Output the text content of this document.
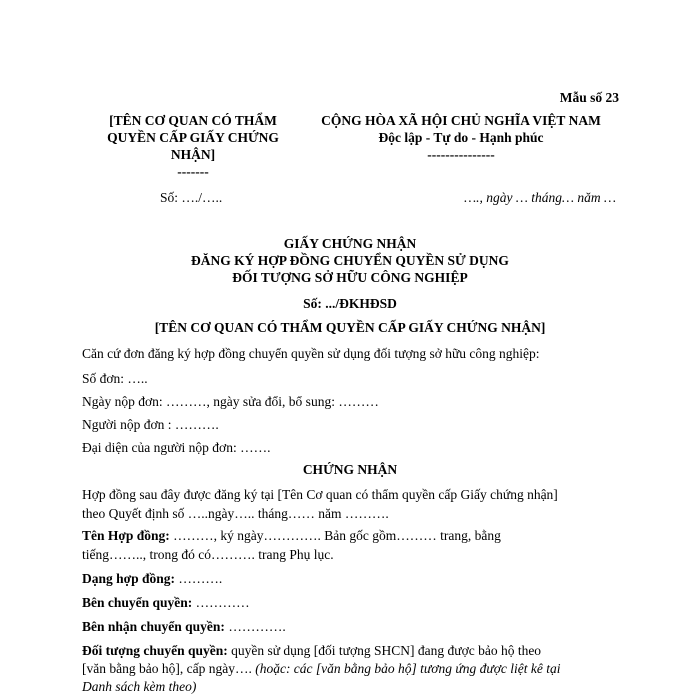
Mẫu số 23
[TÊN CƠ QUAN CÓ THẨM
QUYỀN CẤP GIẤY CHỨNG
NHẬN]
-------
CỘNG HÒA XÃ HỘI CHỦ NGHĨA VIỆT NAM
Độc lập - Tự do - Hạnh phúc
---------------
Số: …./…..	…., ngày … tháng… năm …
GIẤY CHỨNG NHẬN
ĐĂNG KÝ HỢP ĐỒNG CHUYỂN QUYỀN SỬ DỤNG
ĐỐI TƯỢNG SỞ HỮU CÔNG NGHIỆP
Số: .../ĐKHĐSD
[TÊN CƠ QUAN CÓ THẨM QUYỀN CẤP GIẤY CHỨNG NHẬN]
Căn cứ đơn đăng ký hợp đồng chuyển quyền sử dụng đối tượng sở hữu công nghiệp:
Số đơn: …..
Ngày nộp đơn: ………, ngày sửa đổi, bổ sung: ………
Người nộp đơn : ……….
Đại diện của người nộp đơn: …….
CHỨNG NHẬN
Hợp đồng sau đây được đăng ký tại [Tên Cơ quan có thẩm quyền cấp Giấy chứng nhận]
theo Quyết định số …..ngày….. tháng…… năm ……….
Tên Hợp đồng: ………, ký ngày…………. Bản gốc gồm……… trang, bằng
tiếng…….., trong đó có………. trang Phụ lục.
Dạng hợp đồng: ……….
Bên chuyển quyền: …………
Bên nhận chuyển quyền: ………….
Đối tượng chuyển quyền: quyền sử dụng [đối tượng SHCN] đang được bảo hộ theo
[văn bằng bảo hộ], cấp ngày…. (hoặc: các [văn bằng bảo hộ] tương ứng được liệt kê tại
Danh sách kèm theo)
